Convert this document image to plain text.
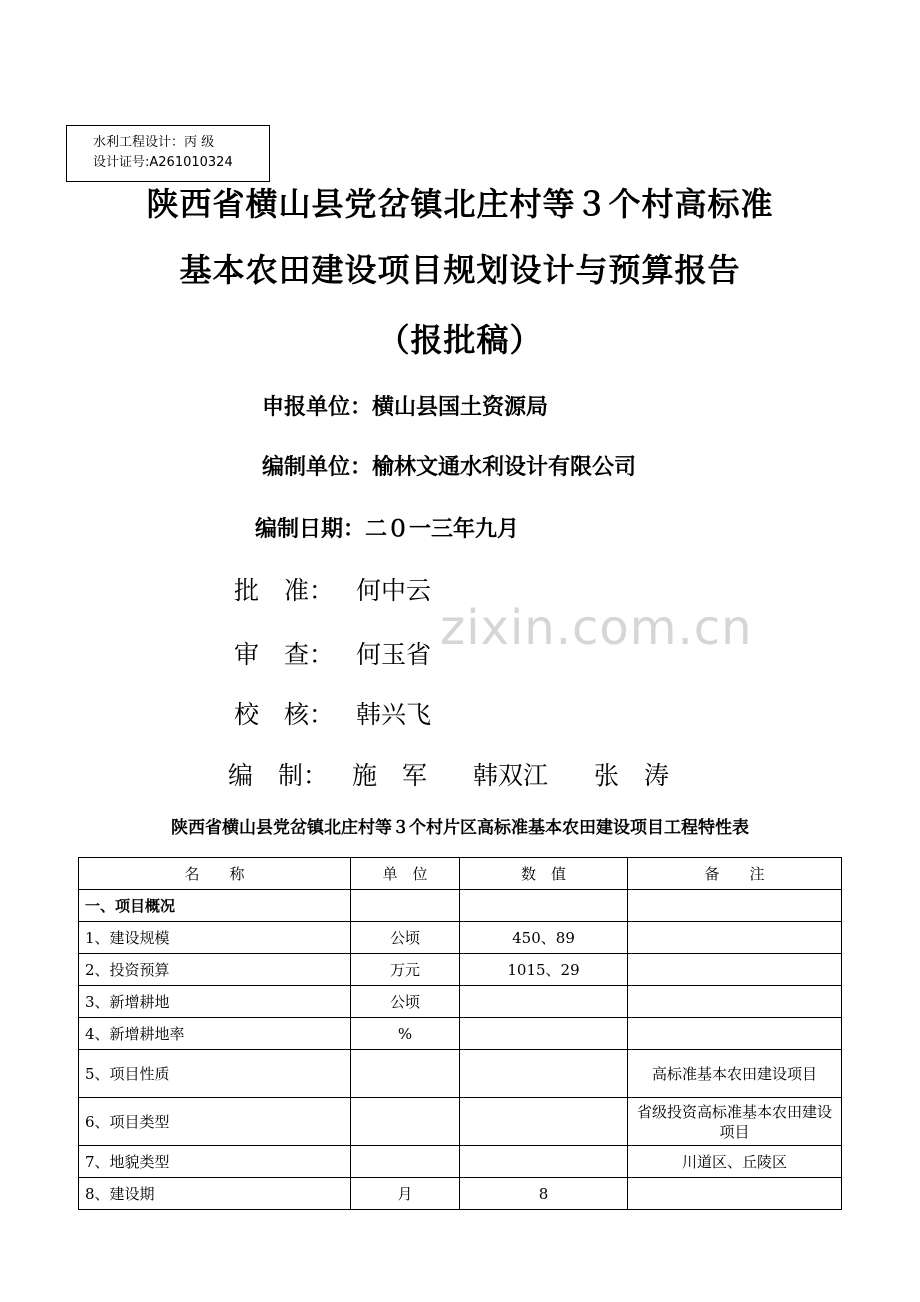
水利工程设计：丙 级
设计证号:A261010324
陕西省横山县党岔镇北庄村等３个村高标准
基本农田建设项目规划设计与预算报告
（报批稿）
申报单位：横山县国土资源局
编制单位：榆林文通水利设计有限公司
编制日期：二０一三年九月
批　准： 何中云
审　查： 何玉省
校　核： 韩兴飞
编　制： 施　军 韩双江 张　涛
zixin.com.cn
陕西省横山县党岔镇北庄村等３个村片区高标准基本农田建设项目工程特性表
名　　称	单　位	数　值	备　　注
一、项目概况			
1、建设规模	公顷	450、89	
2、投资预算	万元	1015、29	
3、新增耕地	公顷		
4、新增耕地率	%		
5、项目性质			高标准基本农田建设项目
6、项目类型			省级投资高标准基本农田建设项目
7、地貌类型			川道区、丘陵区
8、建设期	月	8	
